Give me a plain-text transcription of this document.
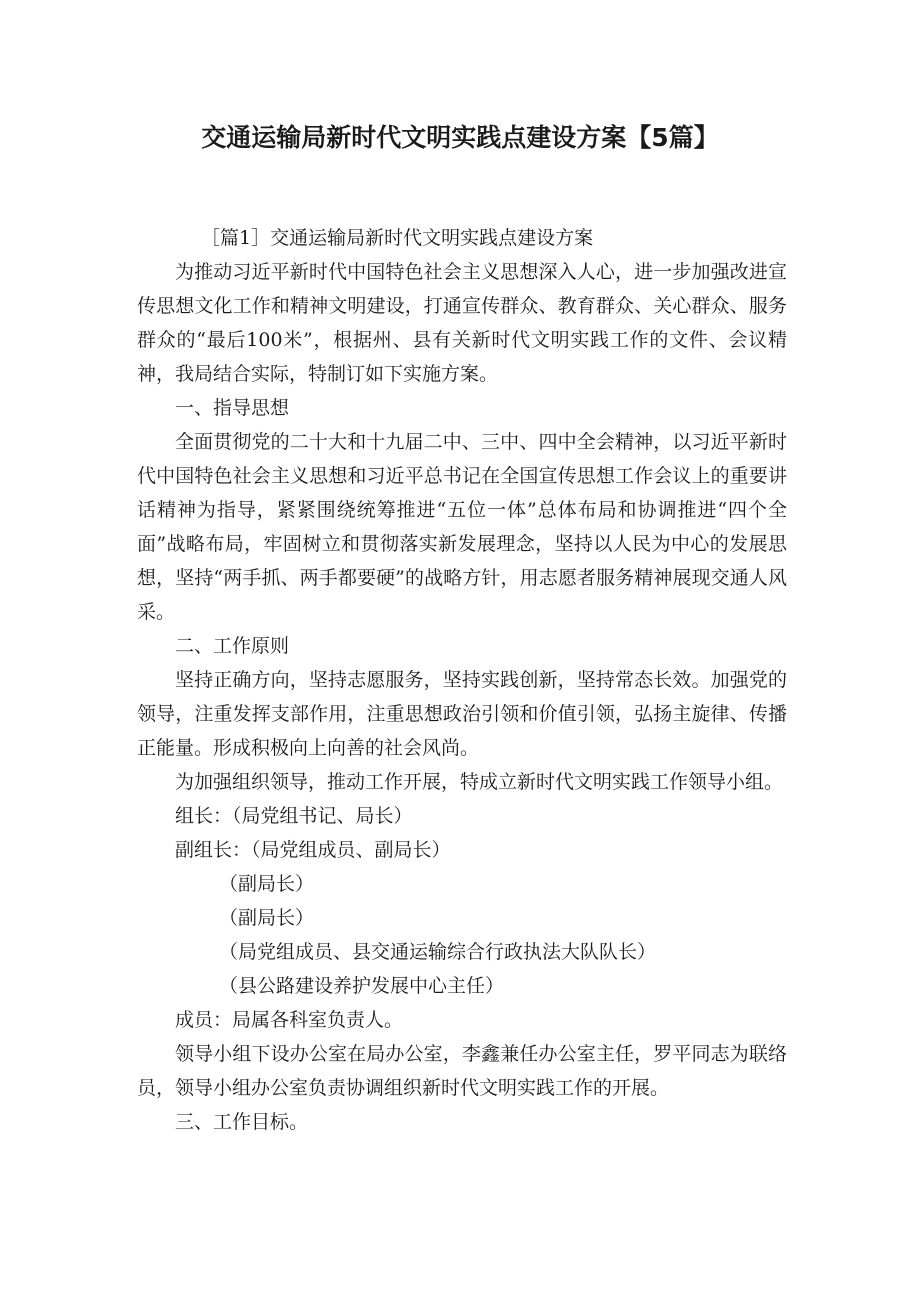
交通运输局新时代文明实践点建设方案【5篇】

［篇1］交通运输局新时代文明实践点建设方案

为推动习近平新时代中国特色社会主义思想深入人心，进一步加强改进宣传思想文化工作和精神文明建设，打通宣传群众、教育群众、关心群众、服务群众的“最后100米”，根据州、县有关新时代文明实践工作的文件、会议精神，我局结合实际，特制订如下实施方案。

一、指导思想

全面贯彻党的二十大和十九届二中、三中、四中全会精神，以习近平新时代中国特色社会主义思想和习近平总书记在全国宣传思想工作会议上的重要讲话精神为指导，紧紧围绕统筹推进“五位一体”总体布局和协调推进“四个全面”战略布局，牢固树立和贯彻落实新发展理念，坚持以人民为中心的发展思想，坚持“两手抓、两手都要硬”的战略方针，用志愿者服务精神展现交通人风采。

二、工作原则

坚持正确方向，坚持志愿服务，坚持实践创新，坚持常态长效。加强党的领导，注重发挥支部作用，注重思想政治引领和价值引领，弘扬主旋律、传播正能量。形成积极向上向善的社会风尚。

为加强组织领导，推动工作开展，特成立新时代文明实践工作领导小组。

组长：（局党组书记、局长）

副组长：（局党组成员、副局长）

（副局长）

（副局长）

（局党组成员、县交通运输综合行政执法大队队长）

（县公路建设养护发展中心主任）

成员：局属各科室负责人。

领导小组下设办公室在局办公室，李鑫兼任办公室主任，罗平同志为联络员，领导小组办公室负责协调组织新时代文明实践工作的开展。

三、工作目标。
